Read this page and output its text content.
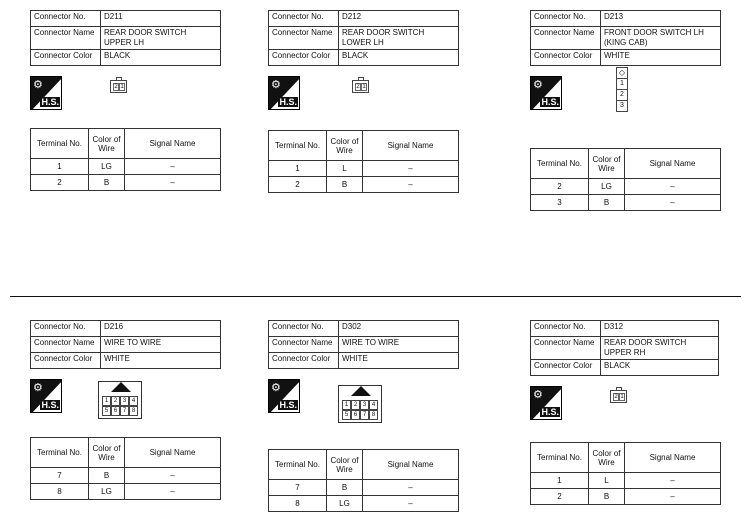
Connector No.	D211
Connector Name	REAR DOOR SWITCH
UPPER LH
Connector Color	BLACK
⚙
H.S.
2 1
Terminal No.	Color of
Wire	Signal Name
1	LG	–
2	B	–
Connector No.	D212
Connector Name	REAR DOOR SWITCH
LOWER LH
Connector Color	BLACK
⚙
H.S.
2 1
Terminal No.	Color of
Wire	Signal Name
1	L	–
2	B	–
Connector No.	D213
Connector Name	FRONT DOOR SWITCH LH
(KING CAB)
Connector Color	WHITE
⚙
H.S.
◇
1
2
3
Terminal No.	Color of
Wire	Signal Name
2	LG	–
3	B	–
Connector No.	D216
Connector Name	WIRE TO WIRE
Connector Color	WHITE
⚙
H.S.	1 2 3 4
5 6 7 8
Terminal No.	Color of
Wire	Signal Name
7	B	–
8	LG	–
Connector No.	D302
Connector Name	WIRE TO WIRE
Connector Color	WHITE
⚙
H.S.	1 2 3 4
5 6 7 8
Terminal No.	Color of
Wire	Signal Name
7	B	–
8	LG	–
Connector No.	D312
Connector Name	REAR DOOR SWITCH
UPPER RH
Connector Color	BLACK
⚙
H.S.
2 1
Terminal No.	Color of
Wire	Signal Name
1	L	–
2	B	–
